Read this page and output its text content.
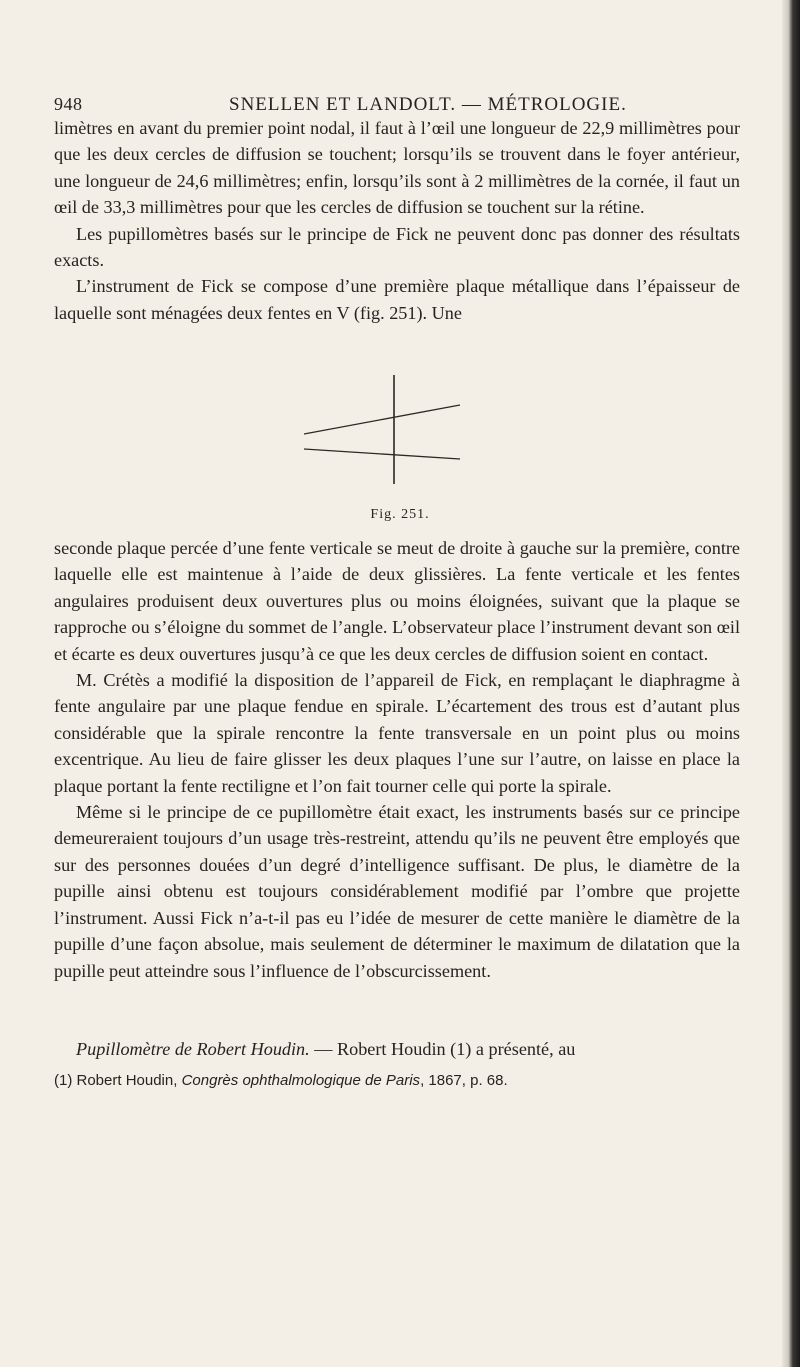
948	SNELLEN ET LANDOLT. — MÉTROLOGIE.

limètres en avant du premier point nodal, il faut à l’œil une longueur de 22,9 millimètres pour que les deux cercles de diffusion se touchent; lorsqu’ils se trouvent dans le foyer antérieur, une longueur de 24,6 millimètres; enfin, lorsqu’ils sont à 2 millimètres de la cornée, il faut un œil de 33,3 millimètres pour que les cercles de diffusion se touchent sur la rétine.

Les pupillomètres basés sur le principe de Fick ne peuvent donc pas donner des résultats exacts.

L’instrument de Fick se compose d’une première plaque métallique dans l’épaisseur de laquelle sont ménagées deux fentes en V (fig. 251). Une

Fig. 251.

seconde plaque percée d’une fente verticale se meut de droite à gauche sur la première, contre laquelle elle est maintenue à l’aide de deux glissières. La fente verticale et les fentes angulaires produisent deux ouvertures plus ou moins éloignées, suivant que la plaque se rapproche ou s’éloigne du sommet de l’angle. L’observateur place l’instrument devant son œil et écarte es deux ouvertures jusqu’à ce que les deux cercles de diffusion soient en contact.

M. Crétès a modifié la disposition de l’appareil de Fick, en remplaçant le diaphragme à fente angulaire par une plaque fendue en spirale. L’écartement des trous est d’autant plus considérable que la spirale rencontre la fente transversale en un point plus ou moins excentrique. Au lieu de faire glisser les deux plaques l’une sur l’autre, on laisse en place la plaque portant la fente rectiligne et l’on fait tourner celle qui porte la spirale.

Même si le principe de ce pupillomètre était exact, les instruments basés sur ce principe demeureraient toujours d’un usage très-restreint, attendu qu’ils ne peuvent être employés que sur des personnes douées d’un degré d’intelligence suffisant. De plus, le diamètre de la pupille ainsi obtenu est toujours considérablement modifié par l’ombre que projette l’instrument. Aussi Fick n’a-t-il pas eu l’idée de mesurer de cette manière le diamètre de la pupille d’une façon absolue, mais seulement de déterminer le maximum de dilatation que la pupille peut atteindre sous l’influence de l’obscurcissement.

Pupillomètre de Robert Houdin. — Robert Houdin (1) a présenté, au

(1) Robert Houdin, Congrès ophthalmologique de Paris, 1867, p. 68.
